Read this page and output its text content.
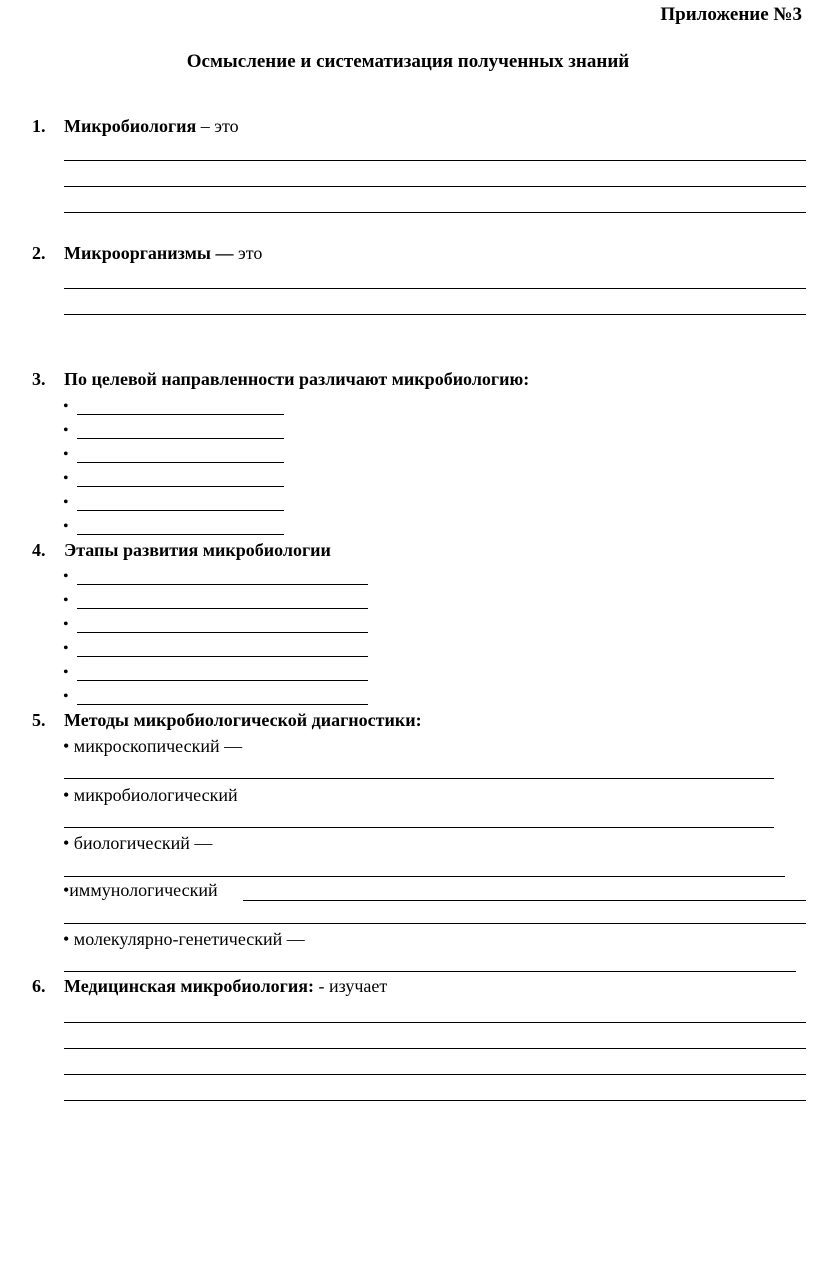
Приложение №3
Осмысление и систематизация полученных знаний
1. Микробиология – это
2. Микроорганизмы — это
3. По целевой направленности различают микробиологию:
•
•
•
•
•
•
4. Этапы развития микробиологии
•
•
•
•
•
•
5. Методы микробиологической диагностики:
• микроскопический —
• микробиологический
• биологический —
•иммунологический
• молекулярно-генетический —
6. Медицинская микробиология: - изучает
